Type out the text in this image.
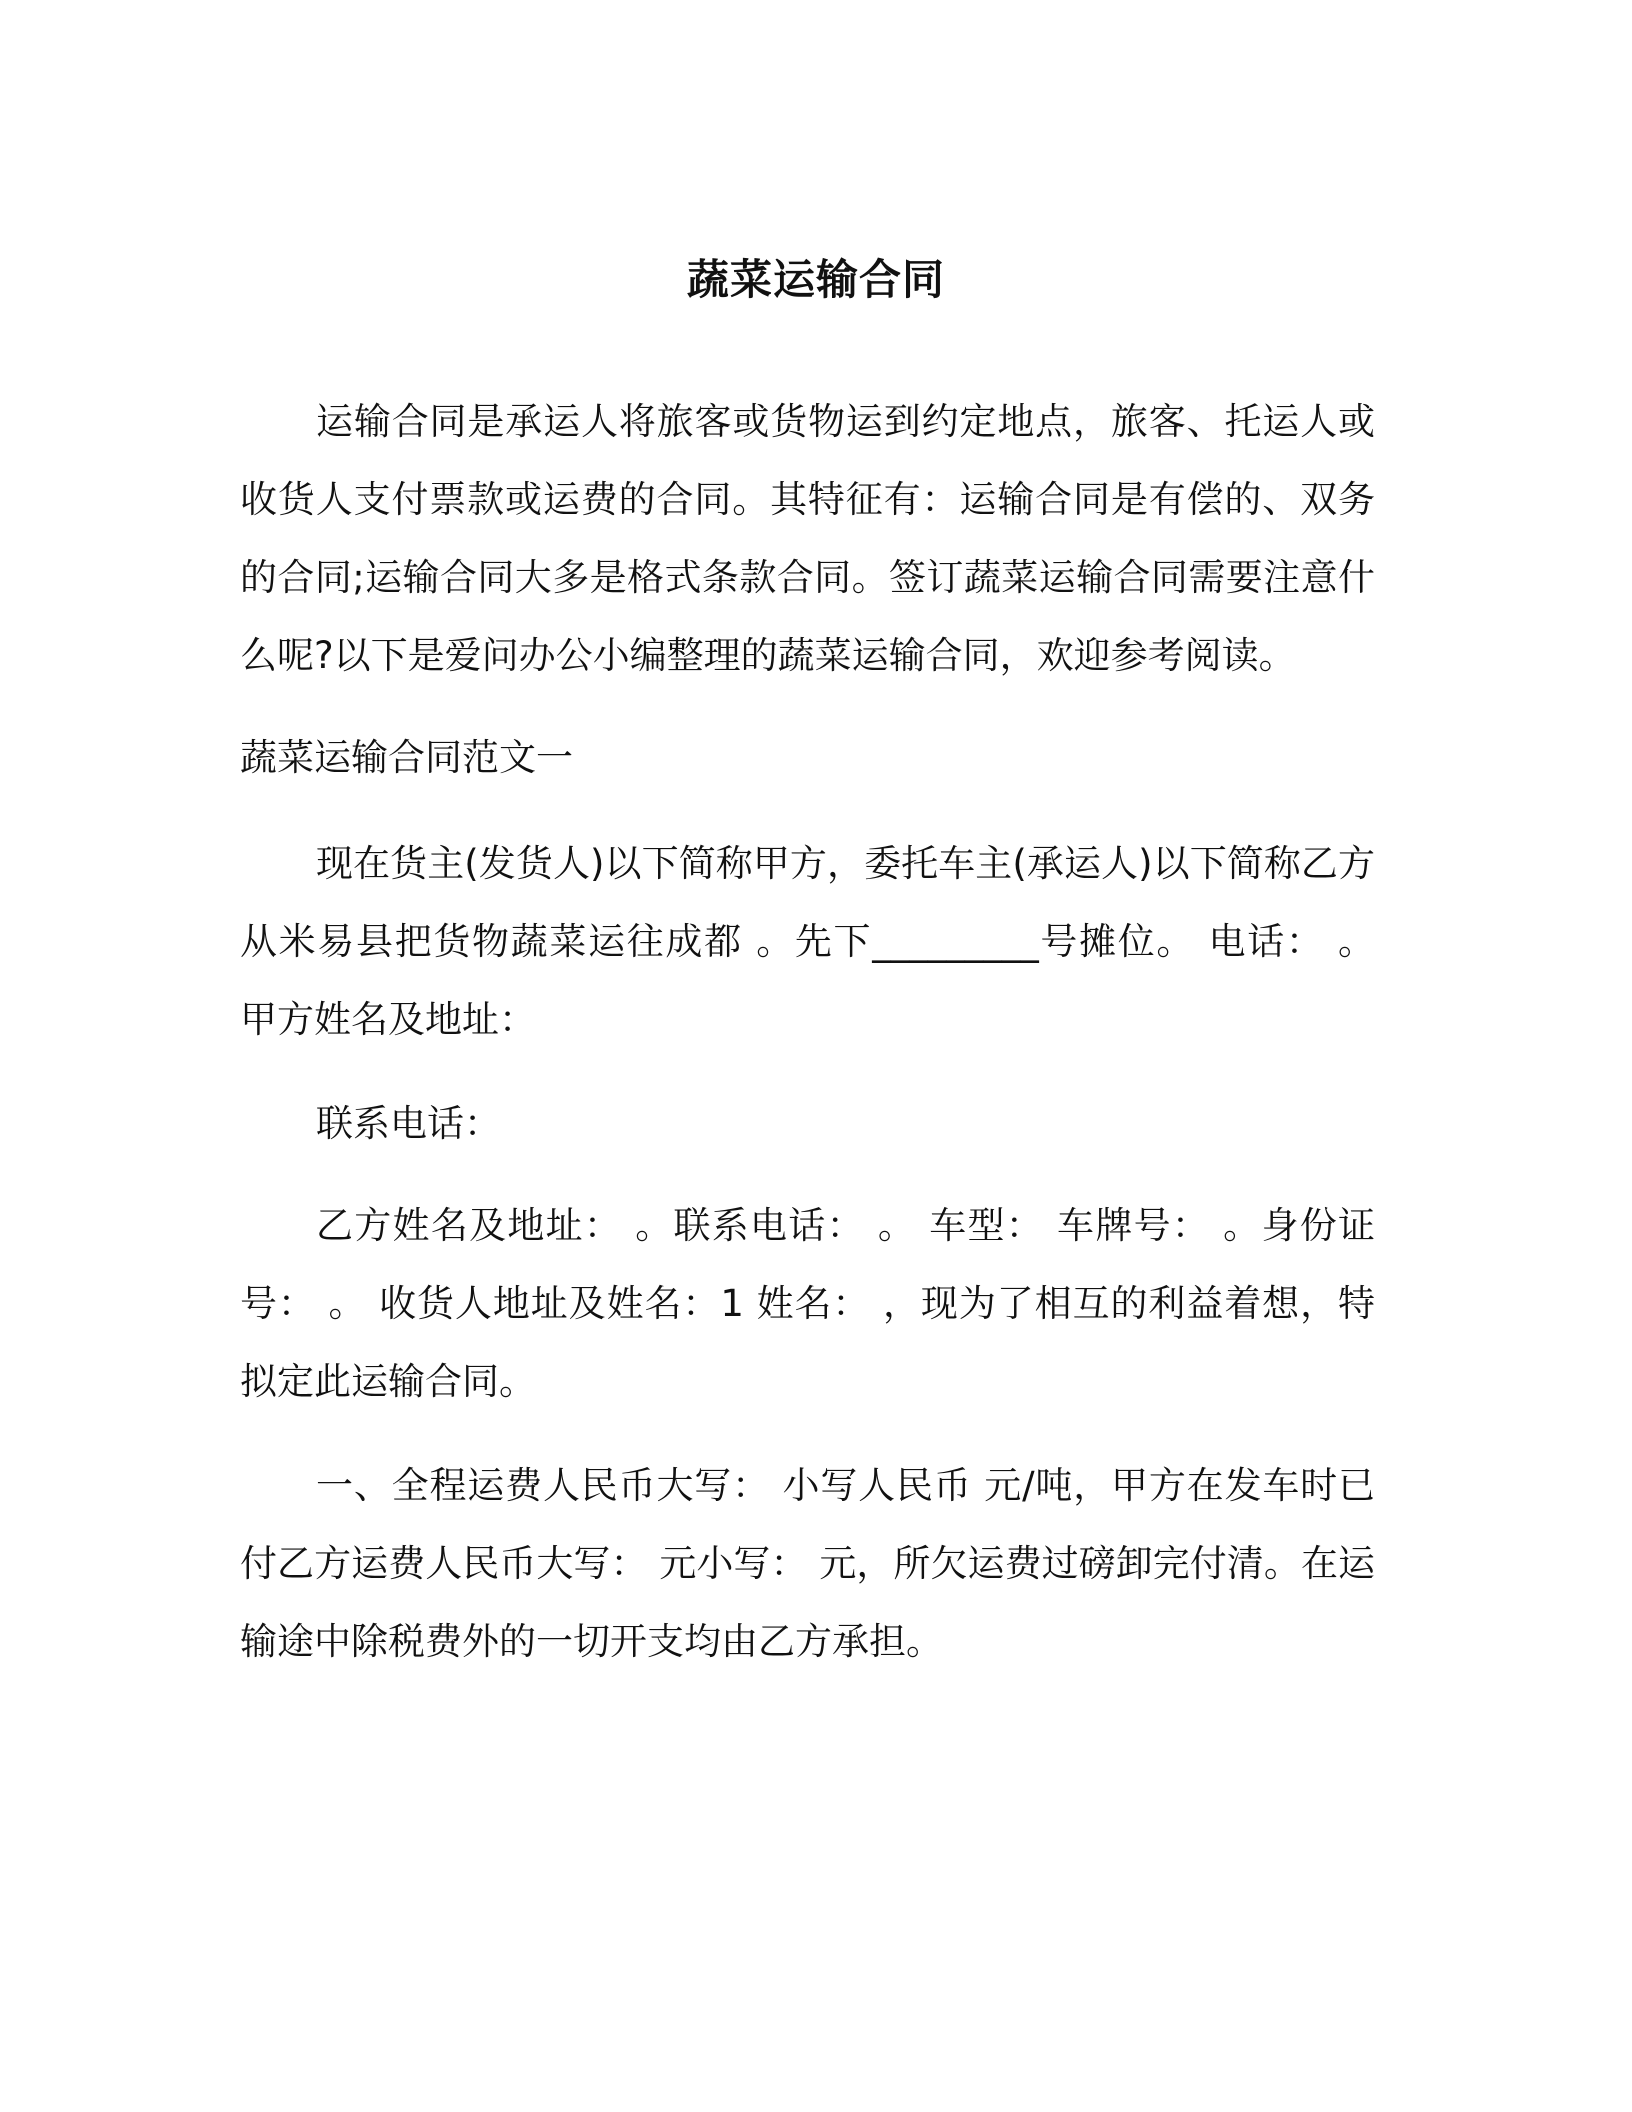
蔬菜运输合同

运输合同是承运人将旅客或货物运到约定地点，旅客、托运人或收货人支付票款或运费的合同。其特征有：运输合同是有偿的、双务的合同;运输合同大多是格式条款合同。签订蔬菜运输合同需要注意什么呢?以下是爱问办公小编整理的蔬菜运输合同，欢迎参考阅读。

蔬菜运输合同范文一

现在货主(发货人)以下简称甲方，委托车主(承运人)以下简称乙方从米易县把货物蔬菜运往成都 。先下_________号摊位。 电话： 。 甲方姓名及地址：

联系电话：

乙方姓名及地址： 。联系电话： 。 车型： 车牌号： 。身份证号： 。 收货人地址及姓名：1 姓名： ，现为了相互的利益着想，特拟定此运输合同。

一、全程运费人民币大写： 小写人民币 元/吨，甲方在发车时已付乙方运费人民币大写： 元小写： 元，所欠运费过磅卸完付清。在运输途中除税费外的一切开支均由乙方承担。
